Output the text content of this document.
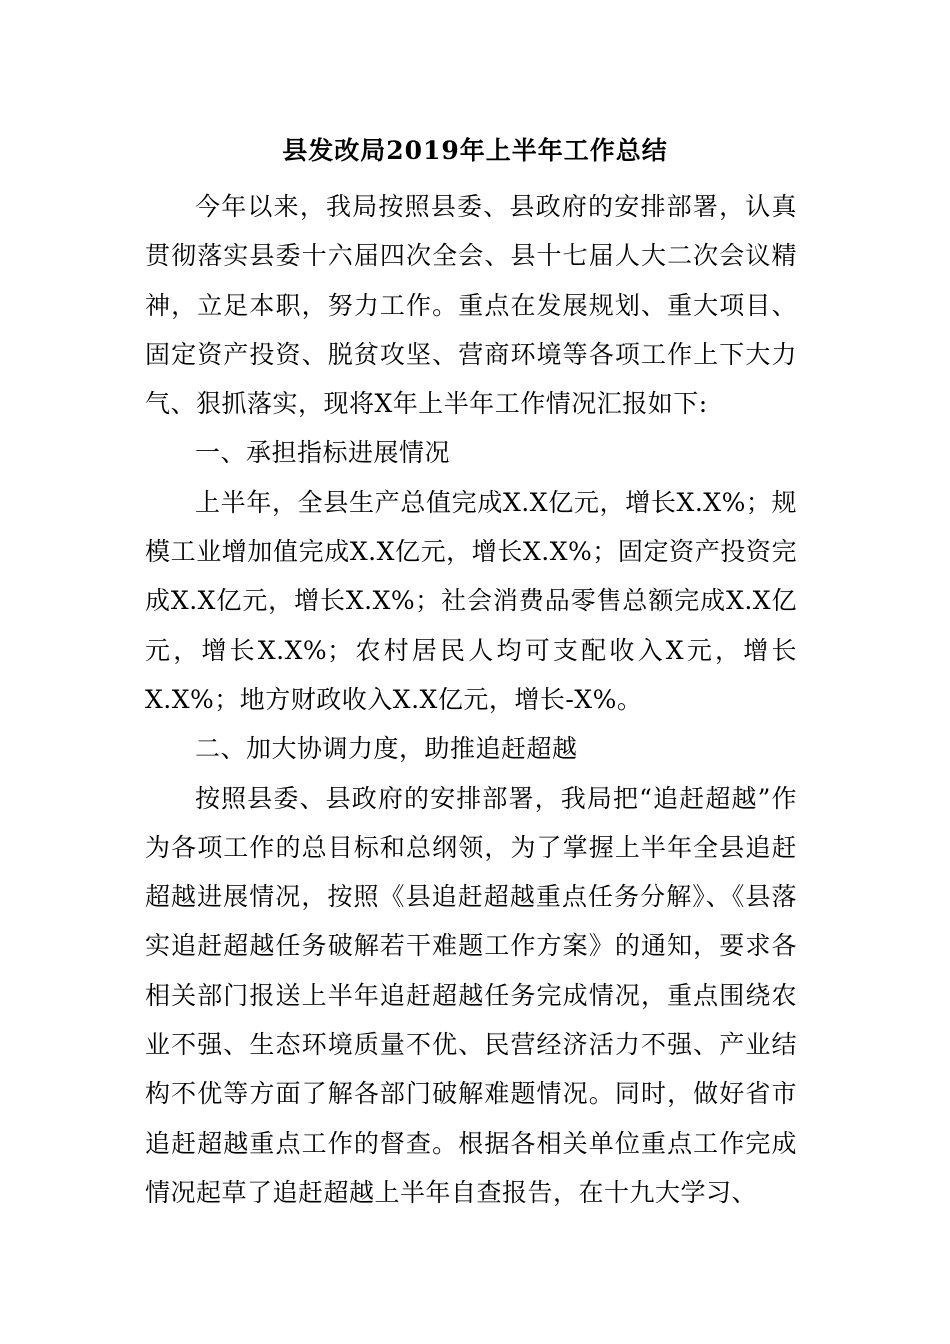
县发改局2019年上半年工作总结

今年以来，我局按照县委、县政府的安排部署，认真贯彻落实县委十六届四次全会、县十七届人大二次会议精神，立足本职，努力工作。重点在发展规划、重大项目、固定资产投资、脱贫攻坚、营商环境等各项工作上下大力气、狠抓落实，现将X年上半年工作情况汇报如下:

一、承担指标进展情况

上半年，全县生产总值完成X.X亿元，增长X.X%；规模工业增加值完成X.X亿元，增长X.X%；固定资产投资完成X.X亿元，增长X.X%；社会消费品零售总额完成X.X亿元，增长X.X%；农村居民人均可支配收入X元，增长X.X%；地方财政收入X.X亿元，增长-X%。

二、加大协调力度，助推追赶超越

按照县委、县政府的安排部署，我局把“追赶超越”作为各项工作的总目标和总纲领，为了掌握上半年全县追赶超越进展情况，按照《县追赶超越重点任务分解》、《县落实追赶超越任务破解若干难题工作方案》的通知，要求各相关部门报送上半年追赶超越任务完成情况，重点围绕农业不强、生态环境质量不优、民营经济活力不强、产业结构不优等方面了解各部门破解难题情况。同时，做好省市追赶超越重点工作的督查。根据各相关单位重点工作完成情况起草了追赶超越上半年自查报告，在十九大学习、
